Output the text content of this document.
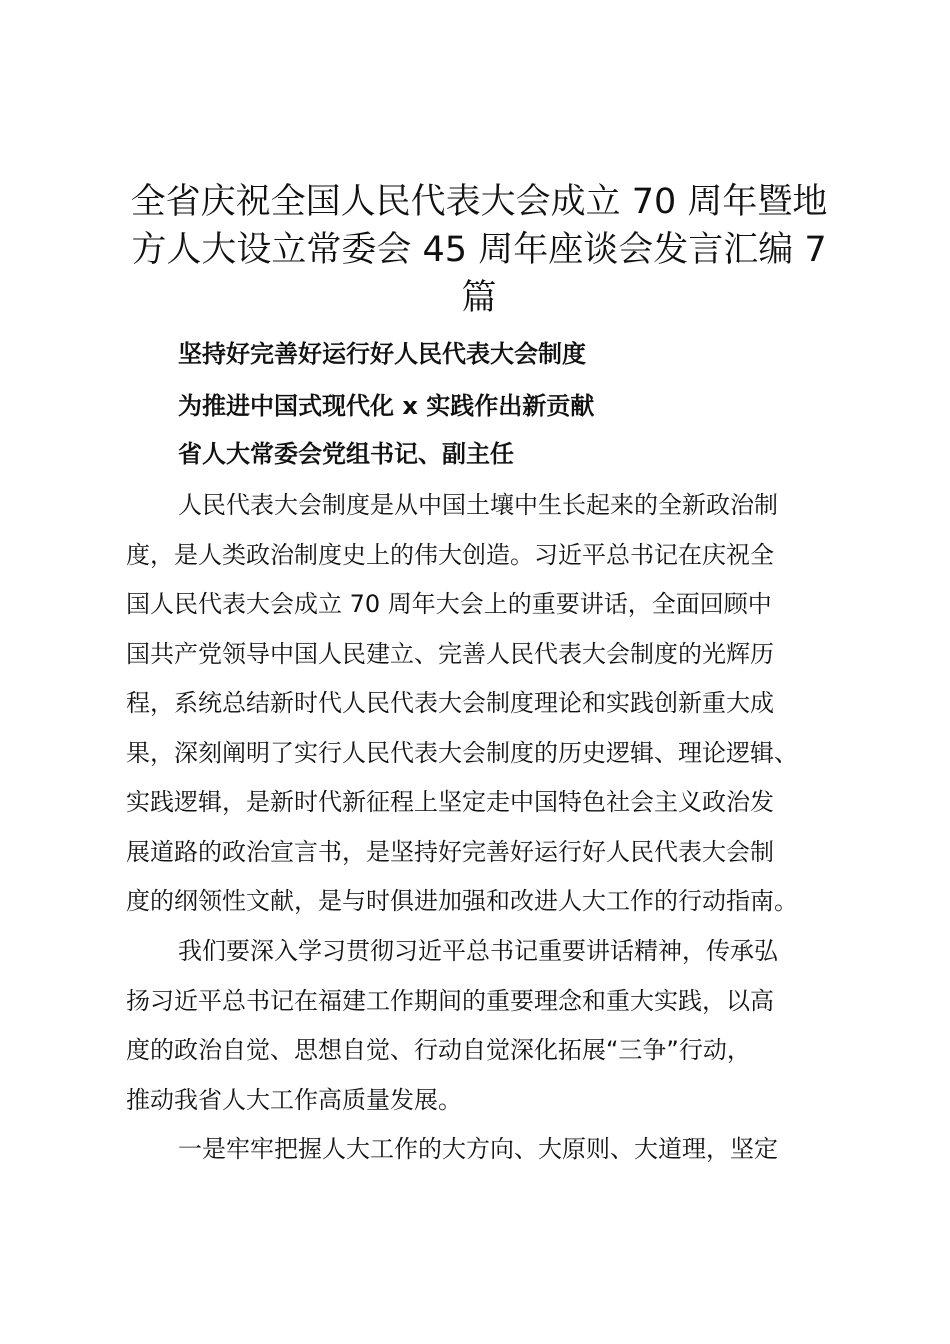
全省庆祝全国人民代表大会成立 70 周年暨地
方人大设立常委会 45 周年座谈会发言汇编 7
篇

坚持好完善好运行好人民代表大会制度

为推进中国式现代化 x 实践作出新贡献

省人大常委会党组书记、副主任

人民代表大会制度是从中国土壤中生长起来的全新政治制
度，是人类政治制度史上的伟大创造。习近平总书记在庆祝全
国人民代表大会成立 70 周年大会上的重要讲话，全面回顾中
国共产党领导中国人民建立、完善人民代表大会制度的光辉历
程，系统总结新时代人民代表大会制度理论和实践创新重大成
果，深刻阐明了实行人民代表大会制度的历史逻辑、理论逻辑、
实践逻辑，是新时代新征程上坚定走中国特色社会主义政治发
展道路的政治宣言书，是坚持好完善好运行好人民代表大会制
度的纲领性文献，是与时俱进加强和改进人大工作的行动指南。

我们要深入学习贯彻习近平总书记重要讲话精神，传承弘
扬习近平总书记在福建工作期间的重要理念和重大实践，以高
度的政治自觉、思想自觉、行动自觉深化拓展“三争”行动，
推动我省人大工作高质量发展。

一是牢牢把握人大工作的大方向、大原则、大道理，坚定
